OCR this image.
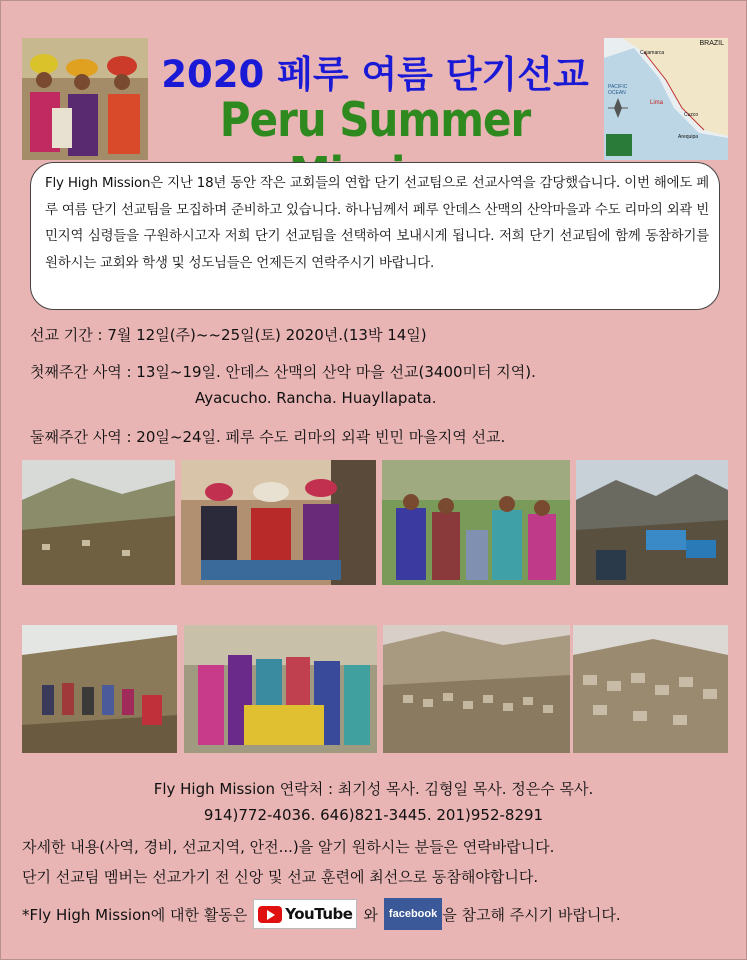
BRAZIL
PACIFIC OCEAN
Lima
Cajamarca
Cuzco
Arequipa
2020 페루 여름 단기선교
Peru Summer
Fly High Mission은 지난 18년 동안 작은 교회들의 연합 단기 선교팀으로 선교사역을 감당했습니다. 이번 해에도 페루 여름 단기 선교팀을 모집하며 준비하고 있습니다. 하나님께서 페루 안데스 산맥의 산악마을과 수도 리마의 외곽 빈민지역 심령들을 구원하시고자 저희 단기 선교팀을 선택하여 보내시게 됩니다. 저희 단기 선교팀에 함께 동참하기를 원하시는 교회와 학생 및 성도님들은 언제든지 연락주시기 바랍니다.
선교 기간 : 7월 12일(주)~~25일(토) 2020년.(13박 14일)
첫째주간 사역 : 13일~19일. 안데스 산맥의 산악 마을 선교(3400미터 지역).
Ayacucho. Rancha. Huayllapata.
둘째주간 사역 : 20일~24일. 페루 수도 리마의 외곽 빈민 마을지역 선교.
Fly High Mission 연락처 : 최기성 목사. 김형일 목사. 정은수 목사.
914)772-4036. 646)821-3445. 201)952-8291
자세한 내용(사역, 경비, 선교지역, 안전...)을 알기 원하시는 분들은 연락바랍니다.
단기 선교팀 멤버는 선교가기 전 신앙 및 선교 훈련에 최선으로 동참해야합니다.
*Fly High Mission에 대한 활동은	YouTube 와	facebook 을 참고해 주시기 바랍니다.
